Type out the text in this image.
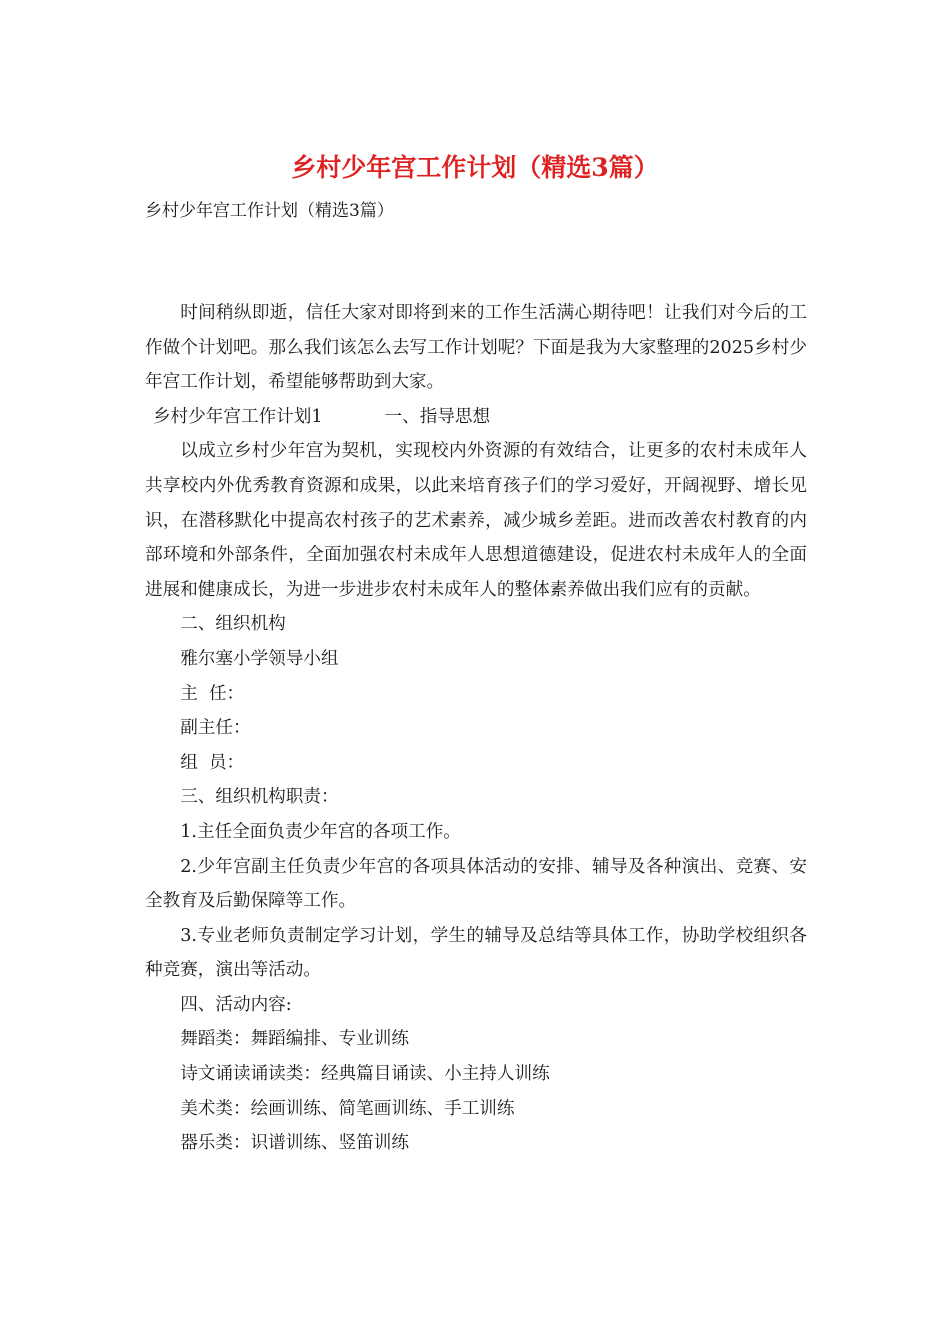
乡村少年宫工作计划（精选3篇）
乡村少年宫工作计划（精选3篇）

时间稍纵即逝，信任大家对即将到来的工作生活满心期待吧！让我们对今后的工作做个计划吧。那么我们该怎么去写工作计划呢？下面是我为大家整理的2025乡村少年宫工作计划，希望能够帮助到大家。

乡村少年宫工作计划1	一、指导思想

以成立乡村少年宫为契机，实现校内外资源的有效结合，让更多的农村未成年人共享校内外优秀教育资源和成果，以此来培育孩子们的学习爱好，开阔视野、增长见识，在潜移默化中提高农村孩子的艺术素养，减少城乡差距。进而改善农村教育的内部环境和外部条件，全面加强农村未成年人思想道德建设，促进农村未成年人的全面进展和健康成长，为进一步进步农村未成年人的整体素养做出我们应有的贡献。

二、组织机构

雅尔塞小学领导小组

主  任：

副主任：

组  员：

三、组织机构职责：

1.主任全面负责少年宫的各项工作。

2.少年宫副主任负责少年宫的各项具体活动的安排、辅导及各种演出、竞赛、安全教育及后勤保障等工作。

3.专业老师负责制定学习计划，学生的辅导及总结等具体工作，协助学校组织各种竞赛，演出等活动。

四、活动内容:

舞蹈类：舞蹈编排、专业训练

诗文诵读诵读类：经典篇目诵读、小主持人训练

美术类：绘画训练、简笔画训练、手工训练

器乐类：识谱训练、竖笛训练
